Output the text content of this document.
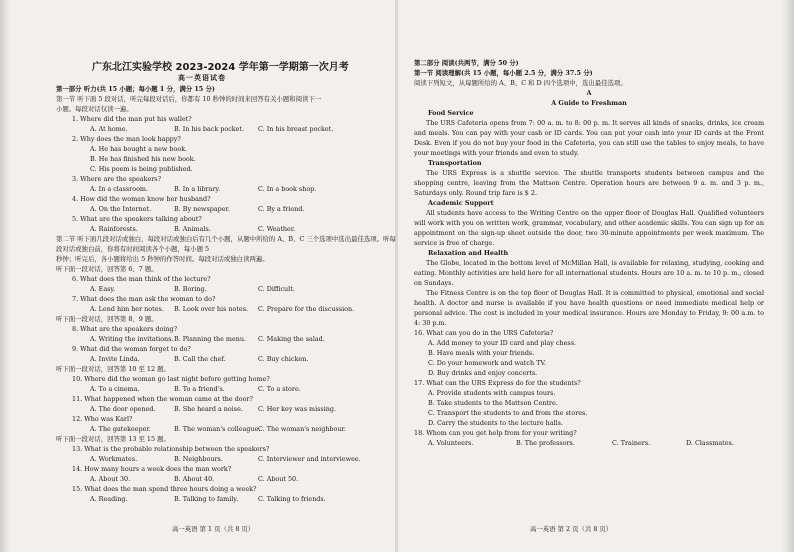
广东北江实验学校 2023-2024 学年第一学期第一次月考
高一英语试卷
第一部分 听力(共 15 小题；每小题 1 分，满分 15 分)
第一节 听下面 5 段对话，听完每段对话后，你都有 10 秒钟的时间来回答有关小题和阅读下一
小题。每段对话仅读一遍。
1. Where did the man put his wallet?
A. At home.	B. In his back pocket. C. In his breast pocket.
2. Why does the man look happy?
A. He has bought a new book.
B. He has finished his new book.
C. His poem is being published.
3. Where are the speakers?
A. In a classroom.	B. In a library.	C. In a book shop.
4. How did the woman know her husband?
A. On the Internet.	B. By newspaper.	C. By a friend.
5. What are the speakers talking about?
A. Rainforests.	B. Animals.	C. Weather.
第二节 听下面几段对话或独白，每段对话或独白后有几个小题，从题中所给的 A、B、C 三个选项中选出最佳选项。听每段对话或独白前，你将有时间阅读各个小题，每小题 5
秒钟；听完后，各小题将给出 5 秒钟的作答时间。每段对话或独白读两遍。
听下面一段对话，回答第 6、7 题。
6. What does the man think of the lecture?
A. Easy.	B. Boring.	C. Difficult.
7. What does the man ask the woman to do?
A. Lend him her notes. B. Look over his notes. C. Prepare for the discussion.
听下面一段对话，回答第 8、9 题。
8. What are the speakers doing?
A. Writing the invitations. B. Planning the menu. C. Making the salad.
9. What did the woman forget to do?
A. Invite Linda.	B. Call the chef.	C. Buy chicken.
听下面一段对话，回答第 10 至 12 题。
10. Where did the woman go last night before getting home?
A. To a cinema.	B. To a friend's.	C. To a store.
11. What happened when the woman came at the door?
A. The door opened.	B. She heard a noise. C. Her key was missing.
12. Who was Karl?
A. The gatekeeper.	B. The woman's colleague.
C. The woman's neighbour.
听下面一段对话，回答第 13 至 15 题。
13. What is the probable relationship between the speakers?
A. Workmates.	B. Neighbours.	C. Interviewer and interviewee.
14. How many hours a week does the man work?
A. About 30.	B. About 40.	C. About 50.
15. What does the man spend three hours doing a week?
A. Reading.	B. Talking to family.	C. Talking to friends.
第二部分 阅读(共两节，满分 50 分)
第一节 阅读理解(共 15 小题，每小题 2.5 分，满分 37.5 分)
阅读下列短文，从每题所给的 A、B、C 和 D 四个选项中，选出最佳选项。
A
A Guide to Freshman
Food Service
The URS Cafeteria opens from 7: 00 a. m. to 8: 00 p. m. It serves all kinds of snacks, drinks, ice cream and meals. You can pay with your cash or ID cards. You can put your cash into your ID cards at the Front Desk. Even if you do not buy your food in the Cafeteria, you can still use the tables to enjoy meals, to have your meetings with your friends and even to study.
Transportation
The URS Express is a shuttle service. The shuttle transports students between campus and the shopping centre, leaving from the Mattson Centre. Operation hours are between 9 a. m. and 3 p. m., Saturdays only. Round trip fare is $ 2.
Academic Support
All students have access to the Writing Centre on the upper floor of Douglas Hall. Qualified volunteers will work with you on written work, grammar, vocabulary, and other academic skills. You can sign up for an appointment on the sign-up sheet outside the door, two 30-minute appointments per week maximum. The service is free of charge.
Relaxation and Health
The Globe, located in the bottom level of McMillan Hall, is available for relaxing, studying, cooking and eating. Monthly activities are held here for all international students. Hours are 10 a. m. to 10 p. m., closed on Sundays.
The Fitness Centre is on the top floor of Douglas Hall. It is committed to physical, emotional and social health. A doctor and nurse is available if you have health questions or need immediate medical help or personal advice. The cost is included in your medical insurance. Hours are Monday to Friday, 9: 00 a.m. to 4: 30 p.m.
16. What can you do in the URS Cafeteria?
A. Add money to your ID card and play chess.
B. Have meals with your friends.
C. Do your homework and watch TV.
D. Buy drinks and enjoy concerts.
17. What can the URS Express do for the students?
A. Provide students with campus tours.
B. Take students to the Mattson Centre.
C. Transport the students to and from the stores.
D. Carry the students to the lecture halls.
18. Whom can you get help from for your writing?
A. Volunteers.	B. The professors.	C. Trainers.	D. Classmates.
高一英语 第 1 页（共 8 页）	高一英语 第 2 页（共 8 页）
